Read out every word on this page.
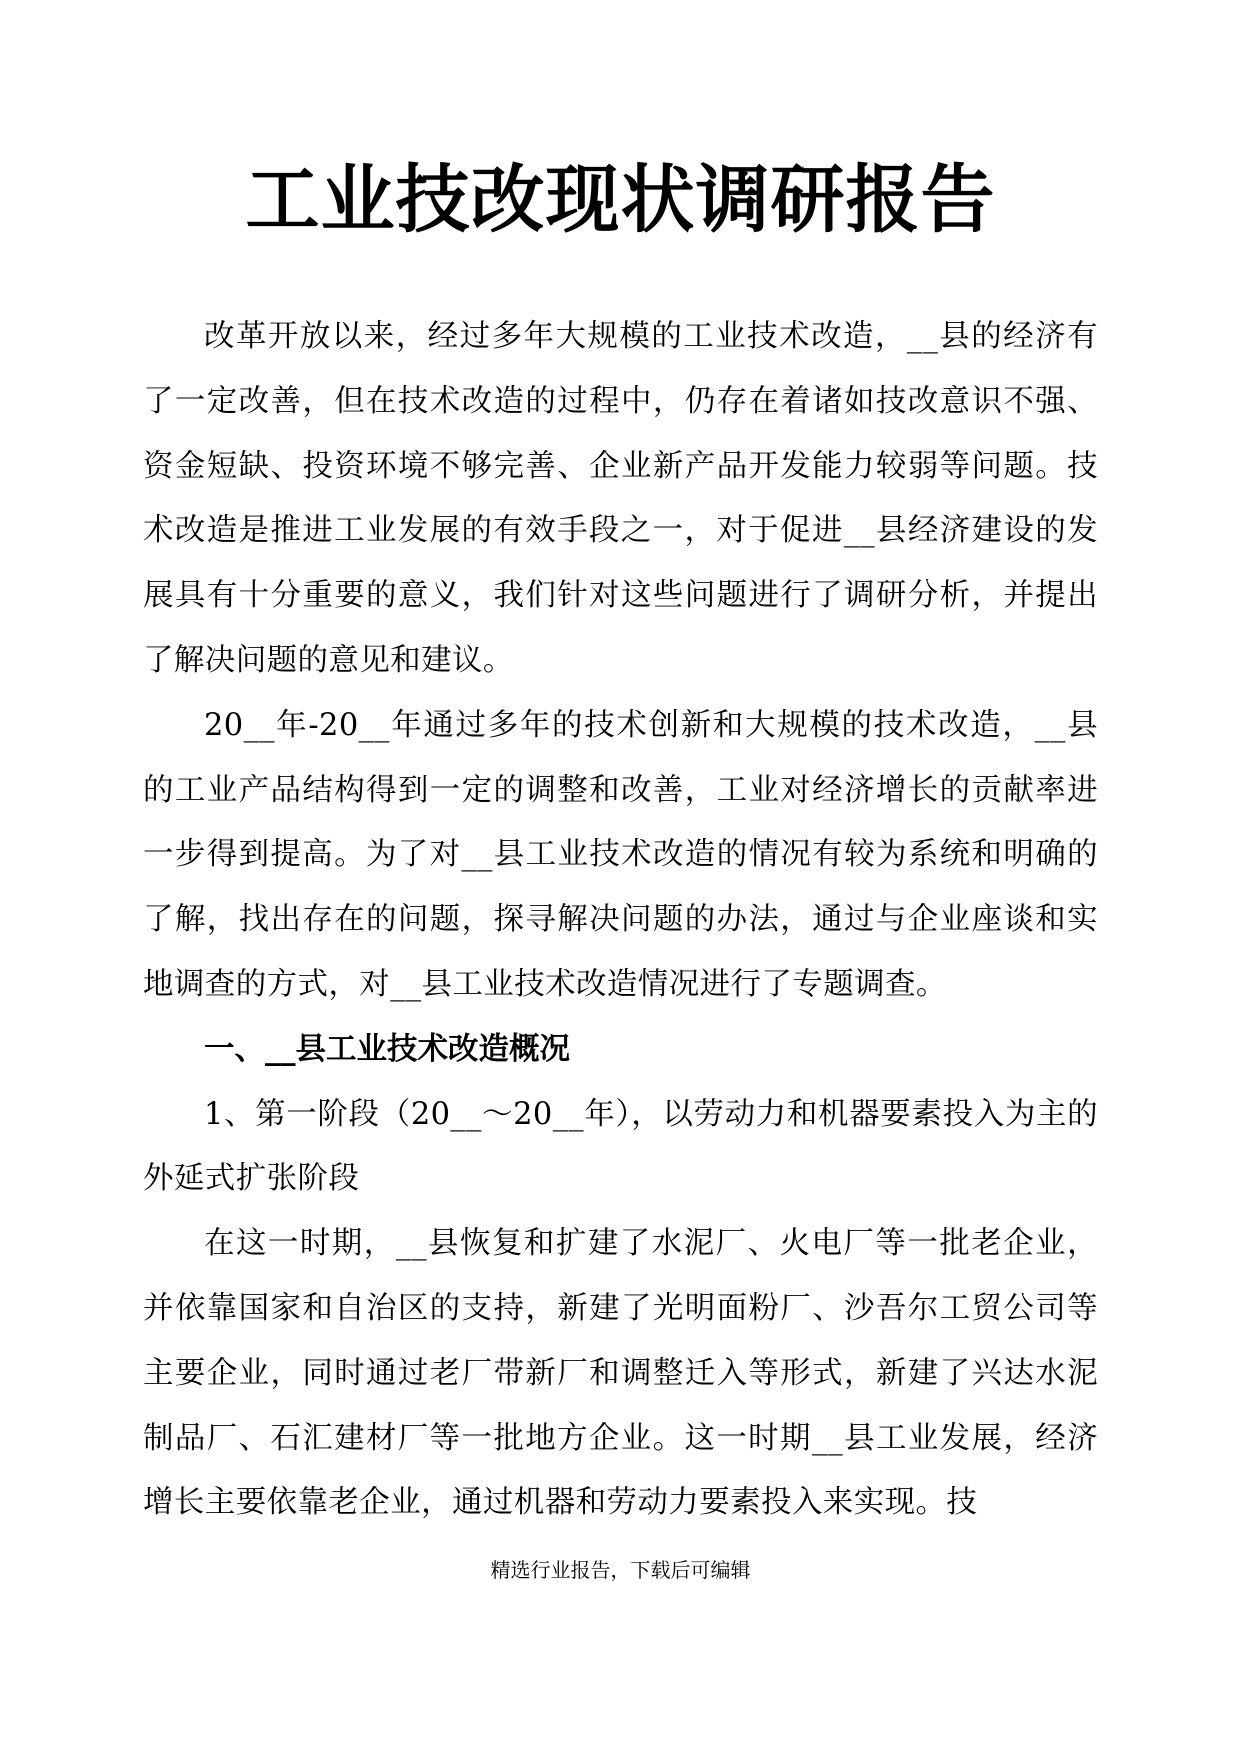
工业技改现状调研报告

改革开放以来，经过多年大规模的工业技术改造，__县的经济有了一定改善，但在技术改造的过程中，仍存在着诸如技改意识不强、资金短缺、投资环境不够完善、企业新产品开发能力较弱等问题。技术改造是推进工业发展的有效手段之一，对于促进__县经济建设的发展具有十分重要的意义，我们针对这些问题进行了调研分析，并提出了解决问题的意见和建议。

20__年-20__年通过多年的技术创新和大规模的技术改造，__县的工业产品结构得到一定的调整和改善，工业对经济增长的贡献率进一步得到提高。为了对__县工业技术改造的情况有较为系统和明确的了解，找出存在的问题，探寻解决问题的办法，通过与企业座谈和实地调查的方式，对__县工业技术改造情况进行了专题调查。

一、__县工业技术改造概况

1、第一阶段（20__～20__年），以劳动力和机器要素投入为主的外延式扩张阶段

在这一时期，__县恢复和扩建了水泥厂、火电厂等一批老企业，并依靠国家和自治区的支持，新建了光明面粉厂、沙吾尔工贸公司等主要企业，同时通过老厂带新厂和调整迁入等形式，新建了兴达水泥制品厂、石汇建材厂等一批地方企业。这一时期__县工业发展，经济增长主要依靠老企业，通过机器和劳动力要素投入来实现。技

精选行业报告，下载后可编辑
